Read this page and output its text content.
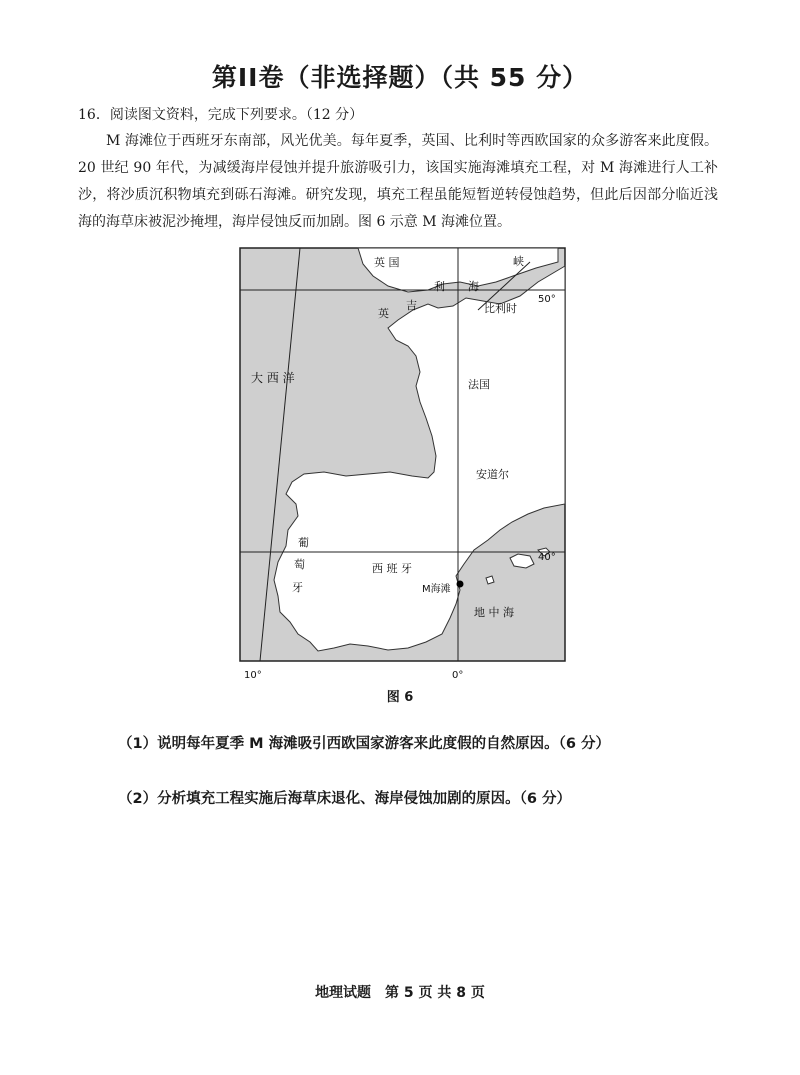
第II卷（非选择题）（共 55 分）
16．阅读图文资料，完成下列要求。（12 分）
M 海滩位于西班牙东南部，风光优美。每年夏季，英国、比利时等西欧国家的众多游客来此度假。20 世纪 90 年代，为减缓海岸侵蚀并提升旅游吸引力，该国实施海滩填充工程，对 M 海滩进行人工补沙，将沙质沉积物填充到砾石海滩。研究发现，填充工程虽能短暂逆转侵蚀趋势，但此后因部分临近浅海的海草床被泥沙掩埋，海岸侵蚀反而加剧。图 6 示意 M 海滩位置。
英 国	峡
利 海
英
吉	比利时
大 西 洋	法国
安道尔
葡
萄
牙
西 班 牙
M海滩
地 中 海
50°
40°
10°	0°
图 6
（1）说明每年夏季 M 海滩吸引西欧国家游客来此度假的自然原因。（6 分）
（2）分析填充工程实施后海草床退化、海岸侵蚀加剧的原因。（6 分）
地理试题　第 5 页 共 8 页
